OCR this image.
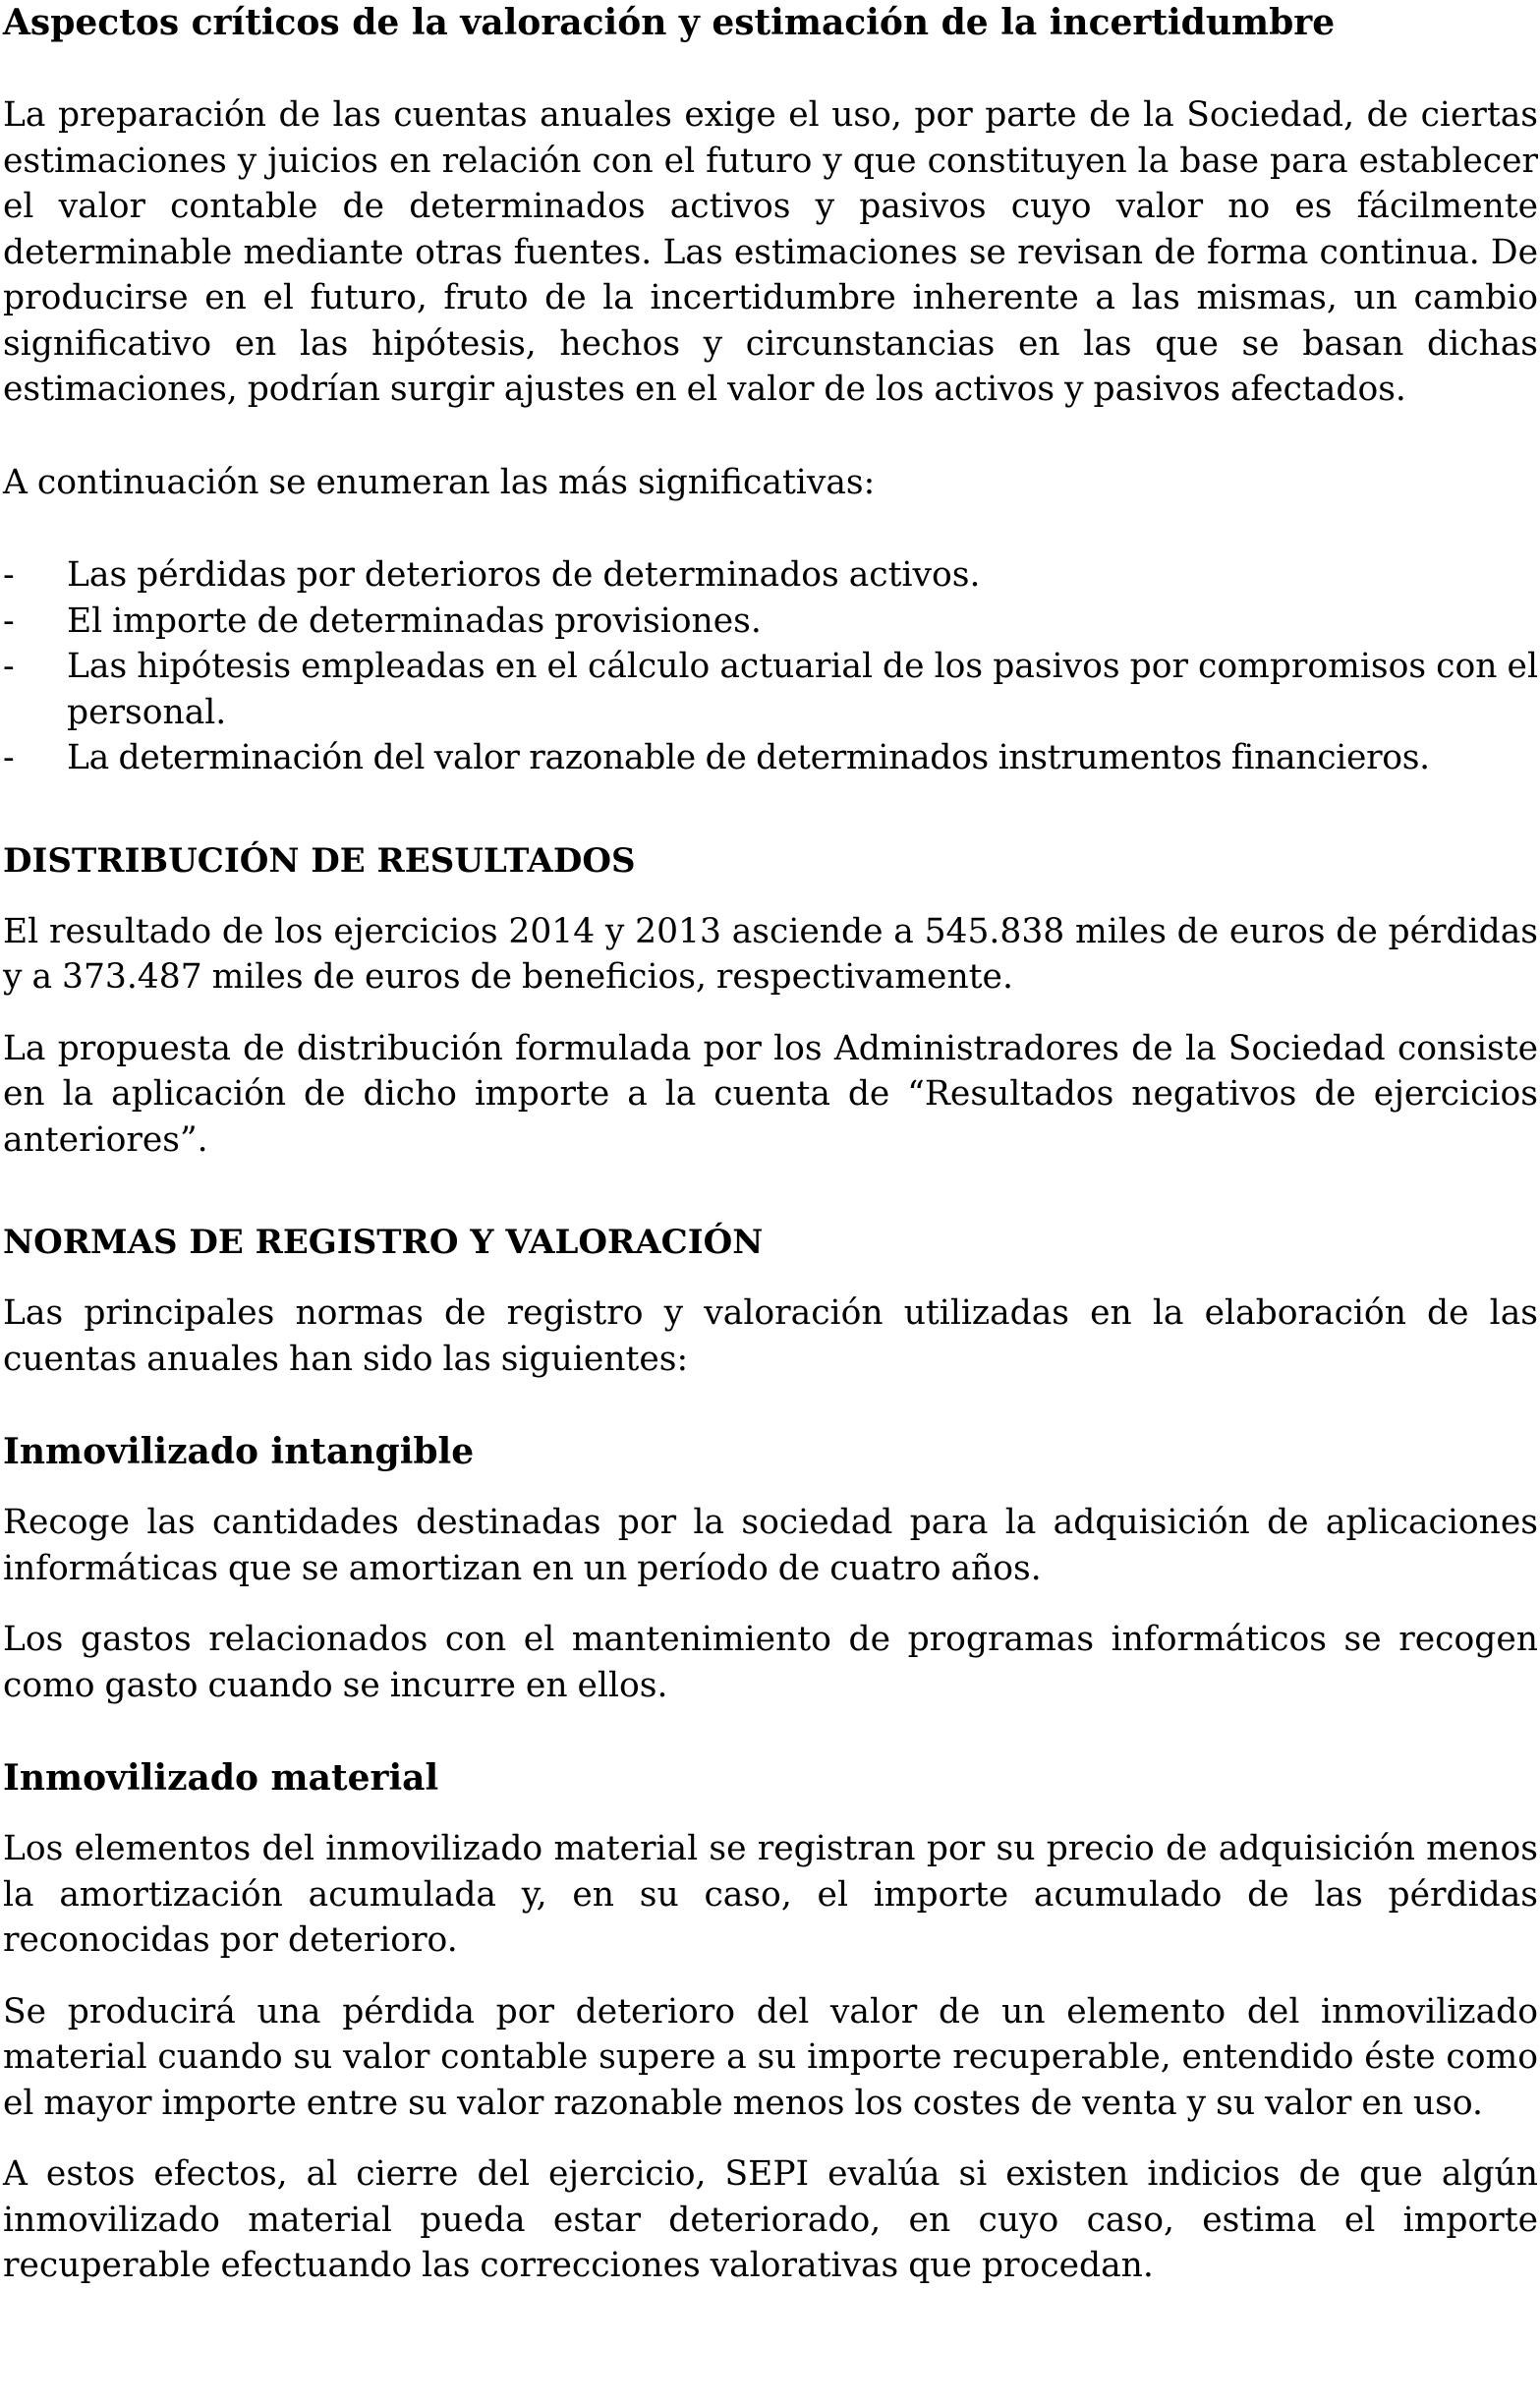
Aspectos críticos de la valoración y estimación de la incertidumbre

La preparación de las cuentas anuales exige el uso, por parte de la Sociedad, de ciertas estimaciones y juicios en relación con el futuro y que constituyen la base para establecer el valor contable de determinados activos y pasivos cuyo valor no es fácilmente determinable mediante otras fuentes. Las estimaciones se revisan de forma continua. De producirse en el futuro, fruto de la incertidumbre inherente a las mismas, un cambio significativo en las hipótesis, hechos y circunstancias en las que se basan dichas estimaciones, podrían surgir ajustes en el valor de los activos y pasivos afectados.

A continuación se enumeran las más significativas:

- Las pérdidas por deterioros de determinados activos.
- El importe de determinadas provisiones.
- Las hipótesis empleadas en el cálculo actuarial de los pasivos por compromisos con el personal.
- La determinación del valor razonable de determinados instrumentos financieros.
DISTRIBUCIÓN DE RESULTADOS

El resultado de los ejercicios 2014 y 2013 asciende a 545.838 miles de euros de pérdidas y a 373.487 miles de euros de beneficios, respectivamente.

La propuesta de distribución formulada por los Administradores de la Sociedad consiste en la aplicación de dicho importe a la cuenta de “Resultados negativos de ejercicios anteriores”.

NORMAS DE REGISTRO Y VALORACIÓN

Las principales normas de registro y valoración utilizadas en la elaboración de las cuentas anuales han sido las siguientes:

Inmovilizado intangible

Recoge las cantidades destinadas por la sociedad para la adquisición de aplicaciones informáticas que se amortizan en un período de cuatro años.

Los gastos relacionados con el mantenimiento de programas informáticos se recogen como gasto cuando se incurre en ellos.

Inmovilizado material

Los elementos del inmovilizado material se registran por su precio de adquisición menos la amortización acumulada y, en su caso, el importe acumulado de las pérdidas reconocidas por deterioro.

Se producirá una pérdida por deterioro del valor de un elemento del inmovilizado material cuando su valor contable supere a su importe recuperable, entendido éste como el mayor importe entre su valor razonable menos los costes de venta y su valor en uso.

A estos efectos, al cierre del ejercicio, SEPI evalúa si existen indicios de que algún inmovilizado material pueda estar deteriorado, en cuyo caso, estima el importe recuperable efectuando las correcciones valorativas que procedan.
